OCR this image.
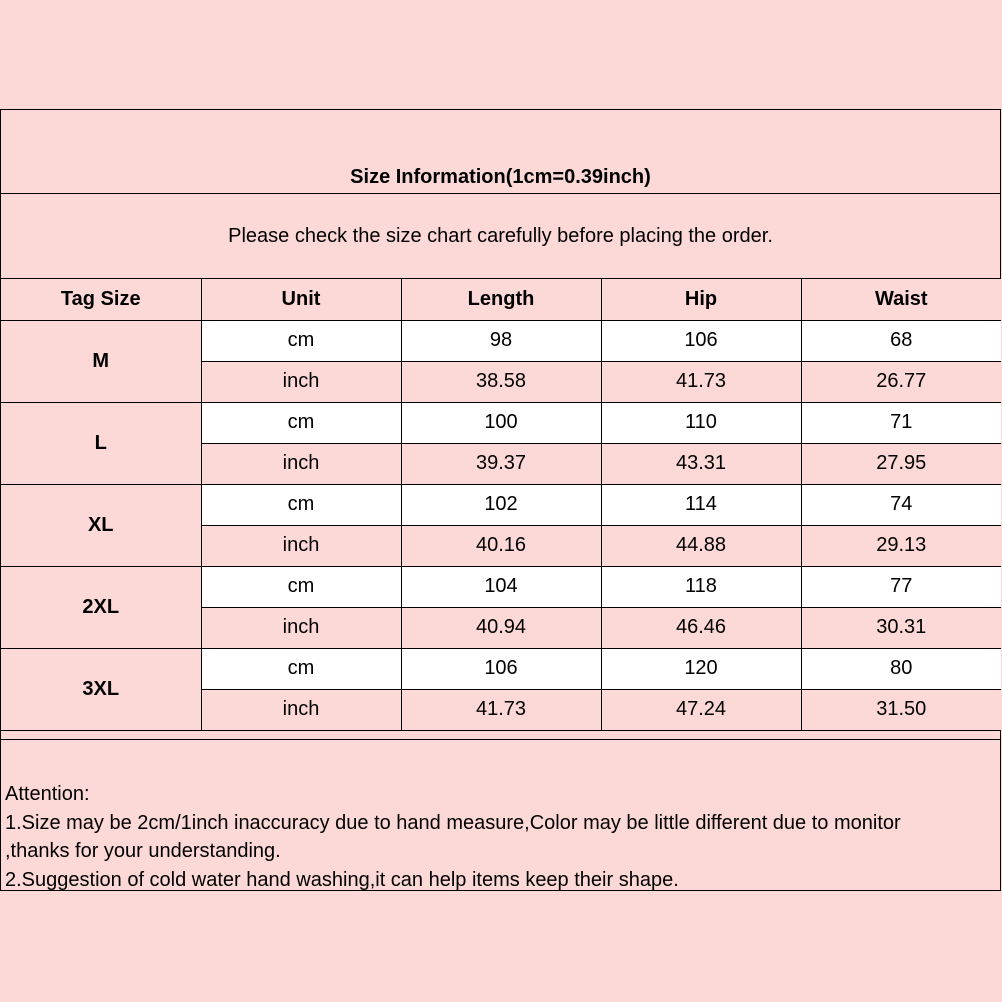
Size Information(1cm=0.39inch)
Please check the size chart carefully before placing the order.
Tag Size	Unit	Length	Hip	Waist
M	cm	98	106	68
	inch	38.58	41.73	26.77
L	cm	100	110	71
	inch	39.37	43.31	27.95
XL	cm	102	114	74
	inch	40.16	44.88	29.13
2XL	cm	104	118	77
	inch	40.94	46.46	30.31
3XL	cm	106	120	80
	inch	41.73	47.24	31.50
Attention:
1.Size may be 2cm/1inch inaccuracy due to hand measure,Color may be little different due to monitor
,thanks for your understanding.
2.Suggestion of cold water hand washing,it can help items keep their shape.
